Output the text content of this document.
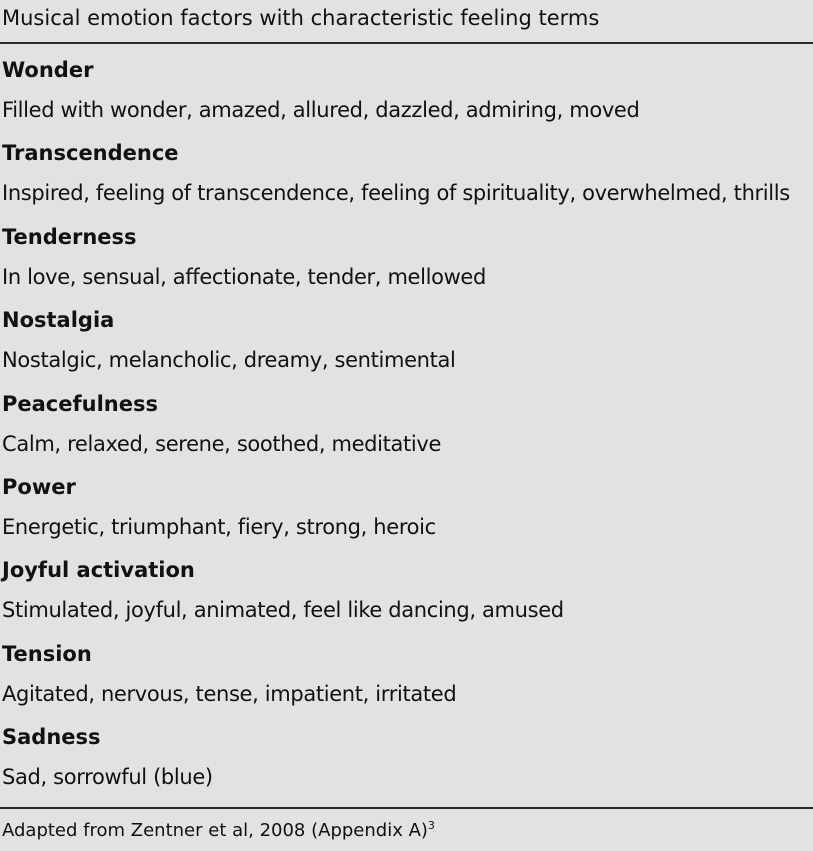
Musical emotion factors with characteristic feeling terms
Wonder
Filled with wonder, amazed, allured, dazzled, admiring, moved
Transcendence
Inspired, feeling of transcendence, feeling of spirituality, overwhelmed, thrills
Tenderness
In love, sensual, affectionate, tender, mellowed
Nostalgia
Nostalgic, melancholic, dreamy, sentimental
Peacefulness
Calm, relaxed, serene, soothed, meditative
Power
Energetic, triumphant, fiery, strong, heroic
Joyful activation
Stimulated, joyful, animated, feel like dancing, amused
Tension
Agitated, nervous, tense, impatient, irritated
Sadness
Sad, sorrowful (blue)
Adapted from Zentner et al, 2008 (Appendix A)$^3$
